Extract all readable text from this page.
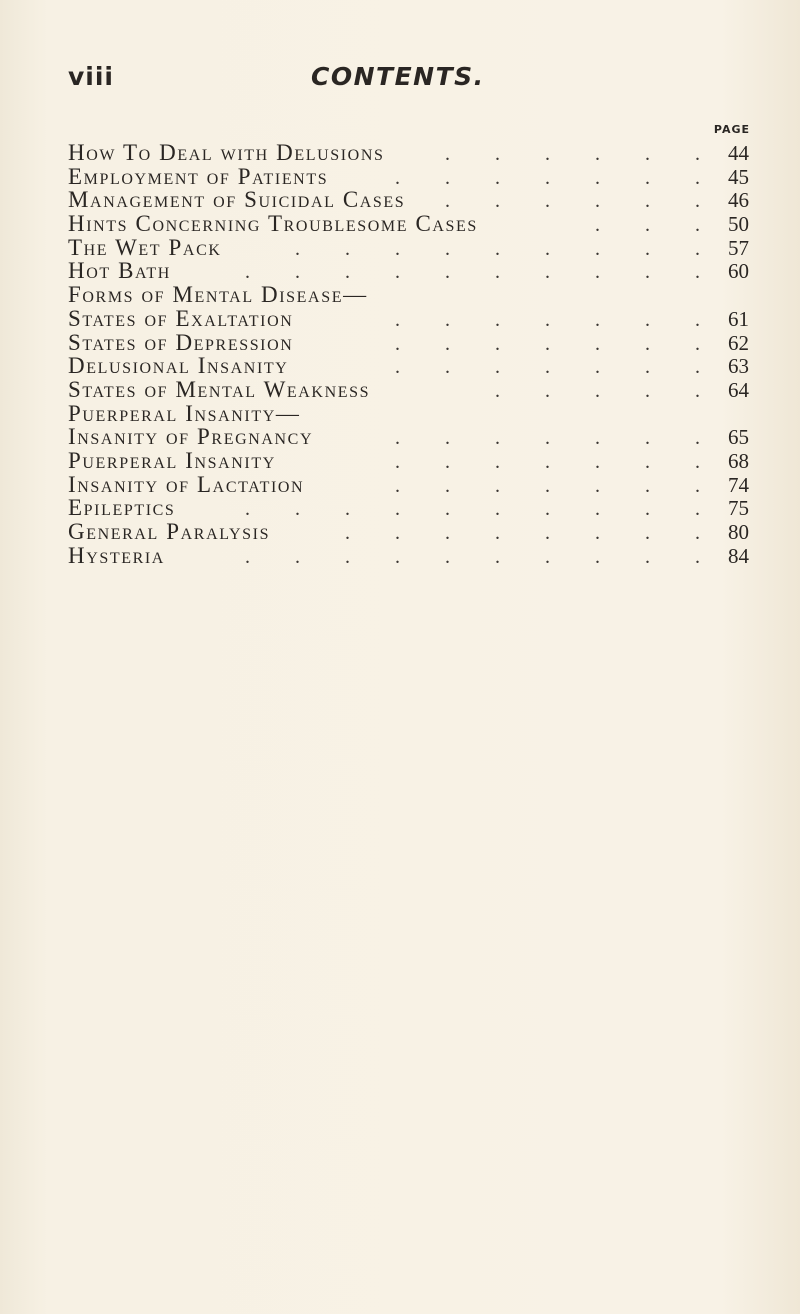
viii	CONTENTS.
PAGE
How To Deal with Delusions	. . . . . . 44
Employment of Patients	. . . . . . . 45
Management of Suicidal Cases	. . . . . . 46
Hints Concerning Troublesome Cases	. . . 50
The Wet Pack	. . . . . . . . . 57
Hot Bath	. . . . . . . . . . 60
Forms of Mental Disease—
States of Exaltation	. . . . . . . 61
States of Depression	. . . . . . . 62
Delusional Insanity	. . . . . . . 63
States of Mental Weakness	. . . . . 64
Puerperal Insanity—
Insanity of Pregnancy	. . . . . . . 65
Puerperal Insanity	. . . . . . . 68
Insanity of Lactation	. . . . . . . 74
Epileptics	. . . . . . . . . . 75
General Paralysis	. . . . . . . . 80
Hysteria	. . . . . . . . . . 84
